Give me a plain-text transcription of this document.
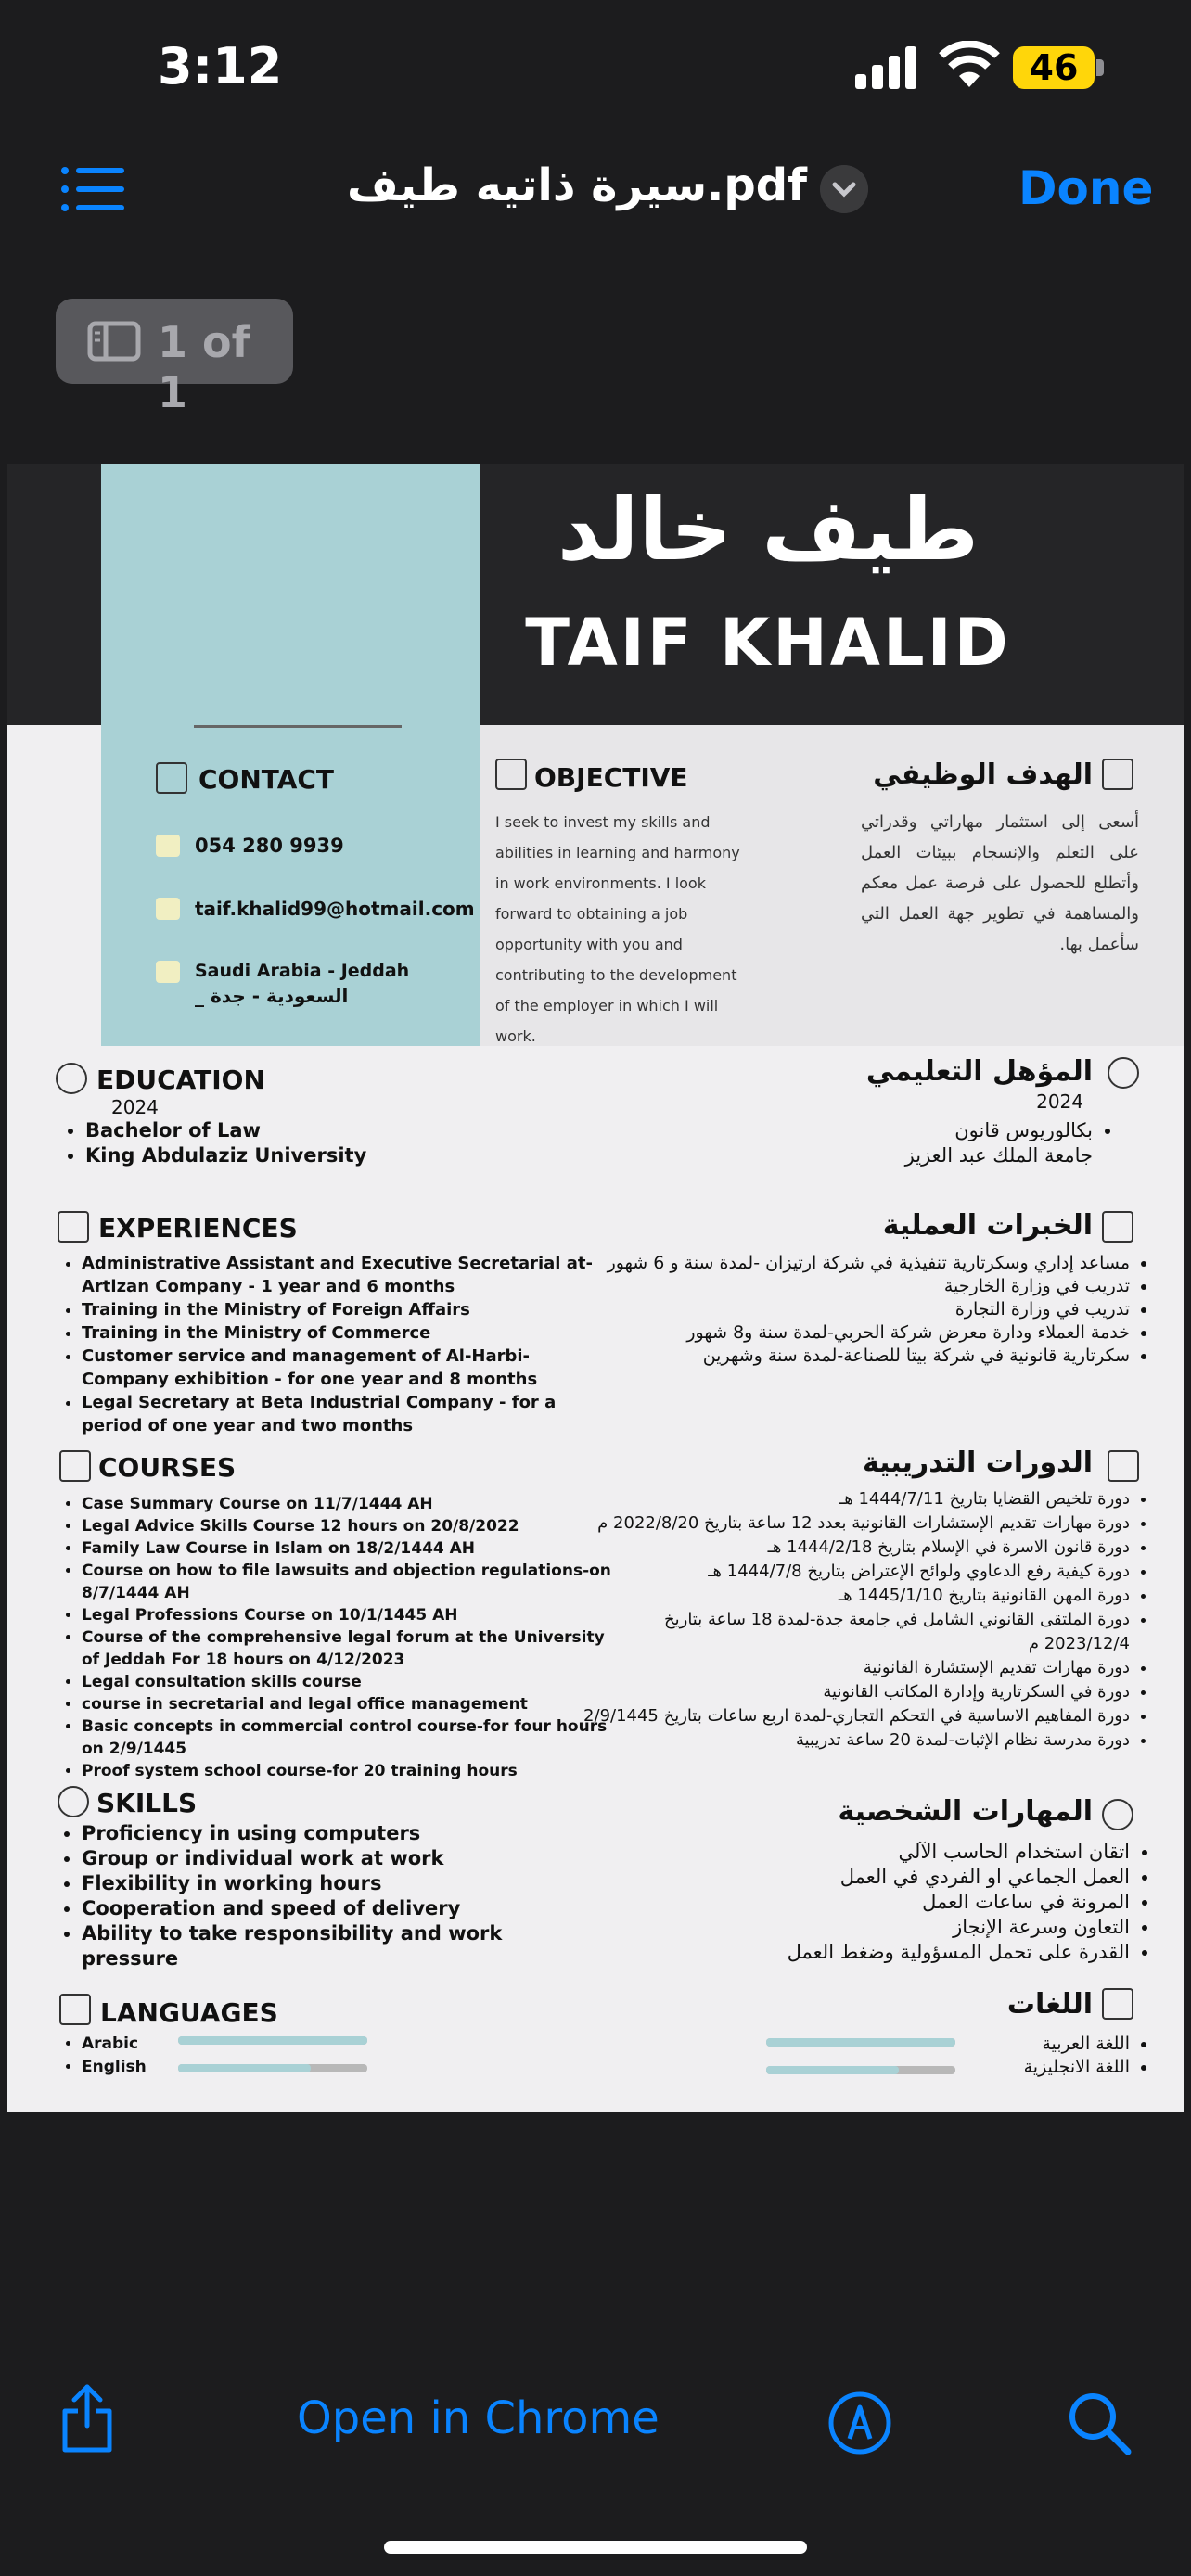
3:12	46
سيرة ذاتيه طيف.pdf	Done
1 of 1
طيف خالد
TAIF KHALID
CONTACT
054 280 9939
taif.khalid99@hotmail.com
Saudi Arabia - Jeddah
السعودية - جدة _
OBJECTIVE
I seek to invest my skills and abilities in learning and harmony in work environments. I look forward to obtaining a job opportunity with you and contributing to the development of the employer in which I will work.
الهدف الوظيفي
أسعى إلى استثمار مهاراتي وقدراتي على التعلم والإنسجام ببيئات العمل وأتطلع للحصول على فرصة عمل معكم والمساهمة في تطوير جهة العمل التي سأعمل بها.
EDUCATION
2024
• Bachelor of Law
• King Abdulaziz University
المؤهل التعليمي
2024
• بكالوريوس قانون
جامعة الملك عبد العزيز
EXPERIENCES
• Administrative Assistant and Executive Secretarial at-Artizan Company - 1 year and 6 months
• Training in the Ministry of Foreign Affairs
• Training in the Ministry of Commerce
• Customer service and management of Al-Harbi-Company exhibition - for one year and 8 months
• Legal Secretary at Beta Industrial Company - for a period of one year and two months
الخبرات العملية
• مساعد إداري وسكرتارية تنفيذية في شركة ارتيزان -لمدة سنة و 6 شهور
• تدريب في وزارة الخارجية
• تدريب في وزارة التجارة
• خدمة العملاء ودارة معرض شركة الحربي-لمدة سنة و8 شهور
• سكرتارية قانونية في شركة بيتا للصناعة-لمدة سنة وشهرين
COURSES
• Case Summary Course on 11/7/1444 AH
• Legal Advice Skills Course 12 hours on 20/8/2022
• Family Law Course in Islam on 18/2/1444 AH
• Course on how to file lawsuits and objection regulations-on 8/7/1444 AH
• Legal Professions Course on 10/1/1445 AH
• Course of the comprehensive legal forum at the University of Jeddah For 18 hours on 4/12/2023
• Legal consultation skills course
• course in secretarial and legal office management
• Basic concepts in commercial control course-for four hours on 2/9/1445
• Proof system school course-for 20 training hours
الدورات التدريبية
• دورة تلخيص القضايا بتاريخ 1444/7/11 هـ
• دورة مهارات تقديم الإستشارات القانونية بعدد 12 ساعة بتاريخ 2022/8/20 م
• دورة قانون الاسرة في الإسلام بتاريخ 1444/2/18 هـ
• دورة كيفية رفع الدعاوي ولوائح الإعتراض بتاريخ 1444/7/8 هـ
• دورة المهن القانونية بتاريخ 1445/1/10 هـ
• دورة الملتقى القانوني الشامل في جامعة جدة-لمدة 18 ساعة بتاريخ 2023/12/4 م
• دورة مهارات تقديم الإستشارة القانونية
• دورة في السكرتارية وإدارة المكاتب القانونية
• دورة المفاهيم الاساسية في التحكم التجاري-لمدة اربع ساعات بتاريخ 2/9/1445
• دورة مدرسة نظام الإثبات-لمدة 20 ساعة تدريبية
SKILLS
• Proficiency in using computers
• Group or individual work at work
• Flexibility in working hours
• Cooperation and speed of delivery
• Ability to take responsibility and work pressure
المهارات الشخصية
• اتقان استخدام الحاسب الآلي
• العمل الجماعي او الفردي في العمل
• المرونة في ساعات العمل
• التعاون وسرعة الإنجاز
• القدرة على تحمل المسؤولية وضغط العمل
LANGUAGES
• Arabic
• English
اللغات
• اللغة العربية
• اللغة الانجليزية
Open in Chrome
